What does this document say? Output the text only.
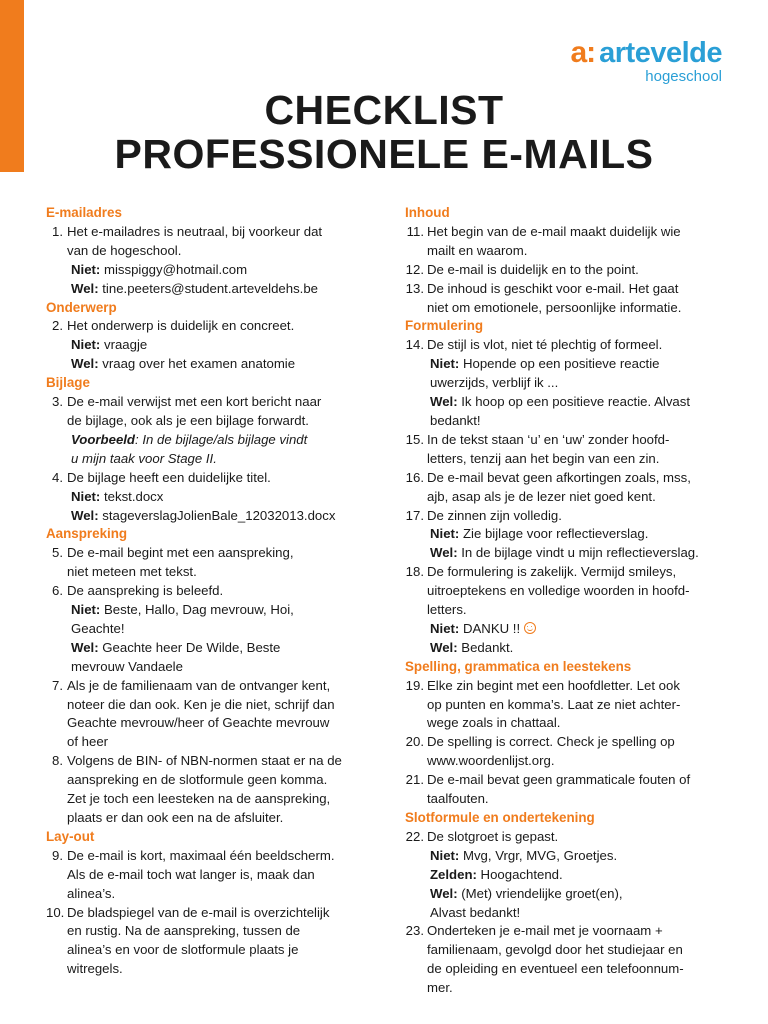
a: artevelde
hogeschool
CHECKLIST
PROFESSIONELE E-MAILS
E-mailadres
1. Het e-mailadres is neutraal, bij voorkeur dat
van de hogeschool.
Niet: misspiggy@hotmail.com
Wel: tine.peeters@student.arteveldehs.be
Onderwerp
2. Het onderwerp is duidelijk en concreet.
Niet: vraagje
Wel: vraag over het examen anatomie
Bijlage
3. De e-mail verwijst met een kort bericht naar
de bijlage, ook als je een bijlage forwardt.
Voorbeeld: In de bijlage/als bijlage vindt
u mijn taak voor Stage II.
4. De bijlage heeft een duidelijke titel.
Niet: tekst.docx
Wel: stageverslagJolienBale_12032013.docx
Aanspreking
5. De e-mail begint met een aanspreking,
niet meteen met tekst.
6. De aanspreking is beleefd.
Niet: Beste, Hallo, Dag mevrouw, Hoi,
Geachte!
Wel: Geachte heer De Wilde, Beste
mevrouw Vandaele
7. Als je de familienaam van de ontvanger kent,
noteer die dan ook. Ken je die niet, schrijf dan
Geachte mevrouw/heer of Geachte mevrouw
of heer
8. Volgens de BIN- of NBN-normen staat er na de
aanspreking en de slotformule geen komma.
Zet je toch een leesteken na de aanspreking,
plaats er dan ook een na de afsluiter.
Lay-out
9. De e-mail is kort, maximaal één beeldscherm.
Als de e-mail toch wat langer is, maak dan
alinea’s.
10. De bladspiegel van de e-mail is overzichtelijk
en rustig. Na de aanspreking, tussen de
alinea’s en voor de slotformule plaats je
witregels.
Inhoud
11. Het begin van de e-mail maakt duidelijk wie
mailt en waarom.
12. De e-mail is duidelijk en to the point.
13. De inhoud is geschikt voor e-mail. Het gaat
niet om emotionele, persoonlijke informatie.
Formulering
14. De stijl is vlot, niet té plechtig of formeel.
Niet: Hopende op een positieve reactie
uwerzijds, verblijf ik ...
Wel: Ik hoop op een positieve reactie. Alvast
bedankt!
15. In de tekst staan ‘u’ en ‘uw’ zonder hoofd-
letters, tenzij aan het begin van een zin.
16. De e-mail bevat geen afkortingen zoals, mss,
ajb, asap als je de lezer niet goed kent.
17. De zinnen zijn volledig.
Niet: Zie bijlage voor reflectieverslag.
Wel: In de bijlage vindt u mijn reflectieverslag.
18. De formulering is zakelijk. Vermijd smileys,
uitroeptekens en volledige woorden in hoofd-
letters.
Niet: DANKU !!
Wel: Bedankt.
Spelling, grammatica en leestekens
19. Elke zin begint met een hoofdletter. Let ook
op punten en komma’s. Laat ze niet achter-
wege zoals in chattaal.
20. De spelling is correct. Check je spelling op
www.woordenlijst.org.
21. De e-mail bevat geen grammaticale fouten of
taalfouten.
Slotformule en ondertekening
22. De slotgroet is gepast.
Niet: Mvg, Vrgr, MVG, Groetjes.
Zelden: Hoogachtend.
Wel: (Met) vriendelijke groet(en),
Alvast bedankt!
23. Onderteken je e-mail met je voornaam +
familienaam, gevolgd door het studiejaar en
de opleiding en eventueel een telefoonnum-
mer.
